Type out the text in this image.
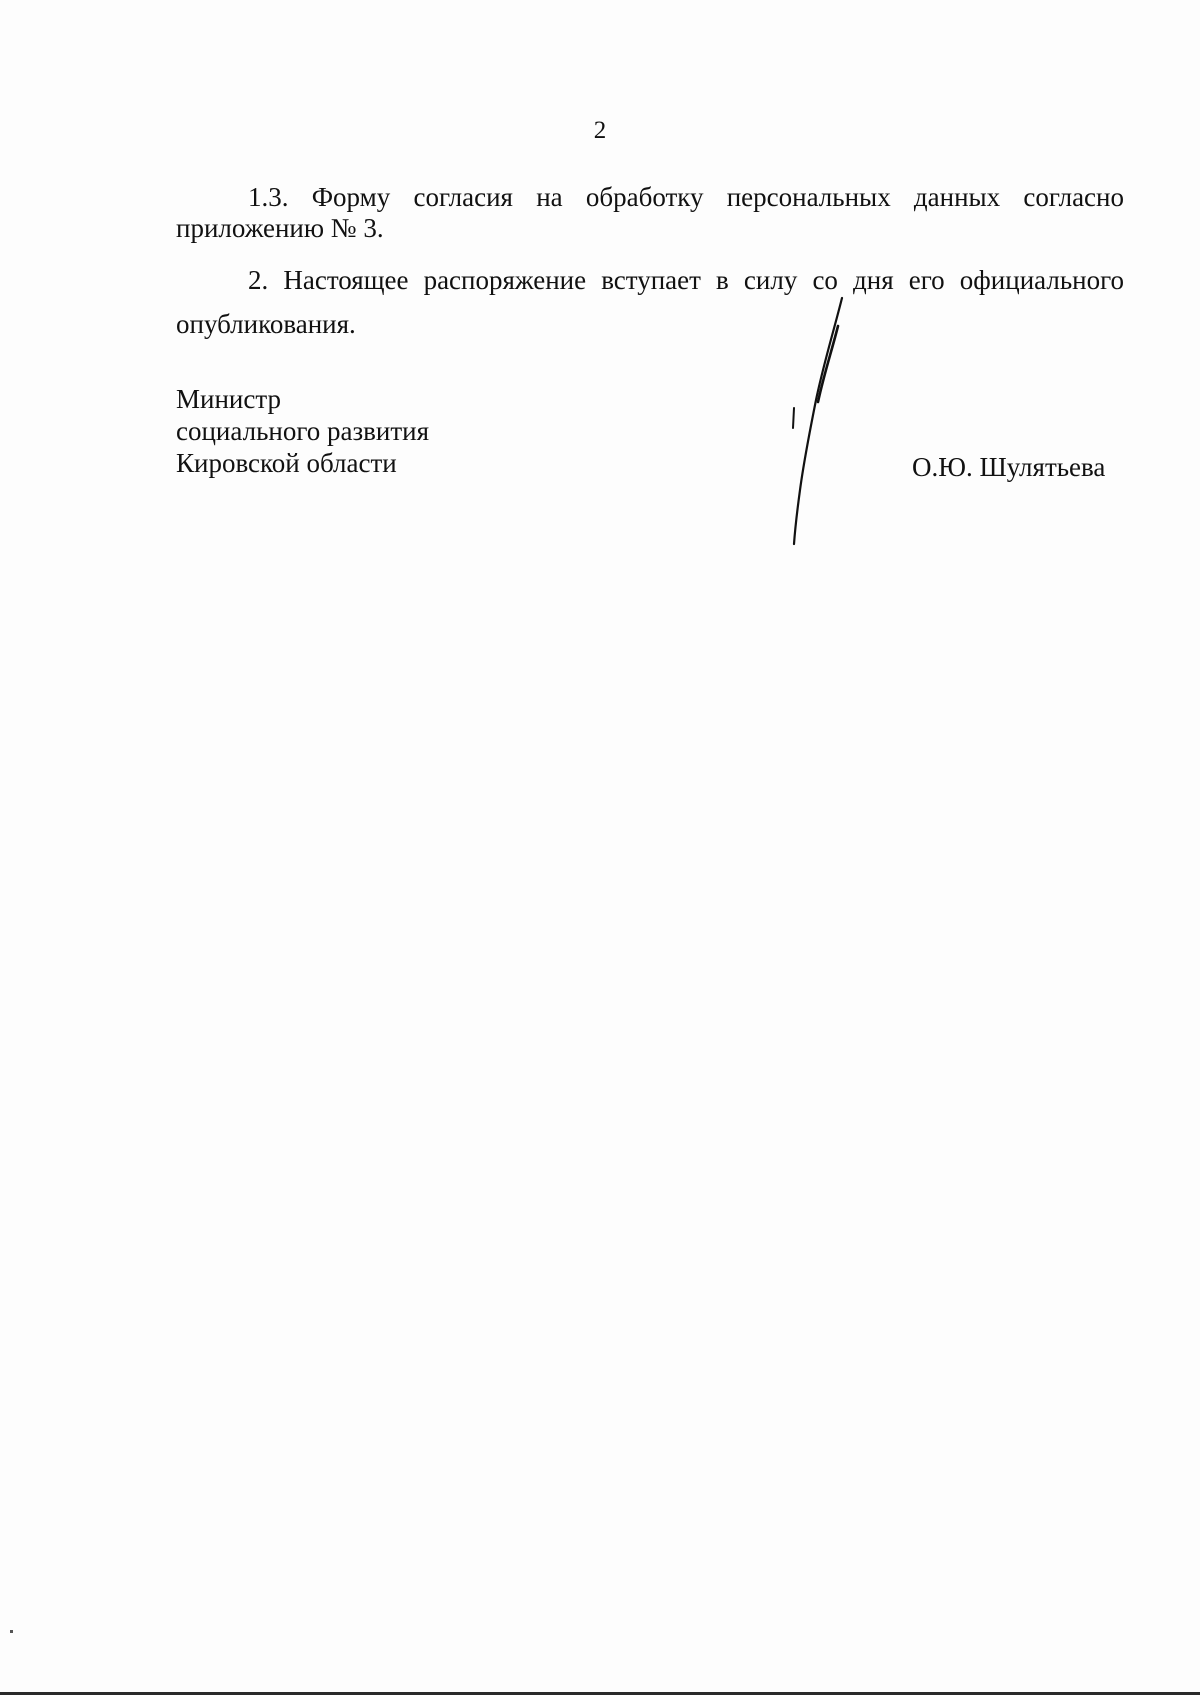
2
1.3. Форму согласия на обработку персональных данных согласно приложению № 3.
2. Настоящее распоряжение вступает в силу со дня его официального опубликования.
Министр
социального развития
Кировской области	О.Ю. Шулятьева
